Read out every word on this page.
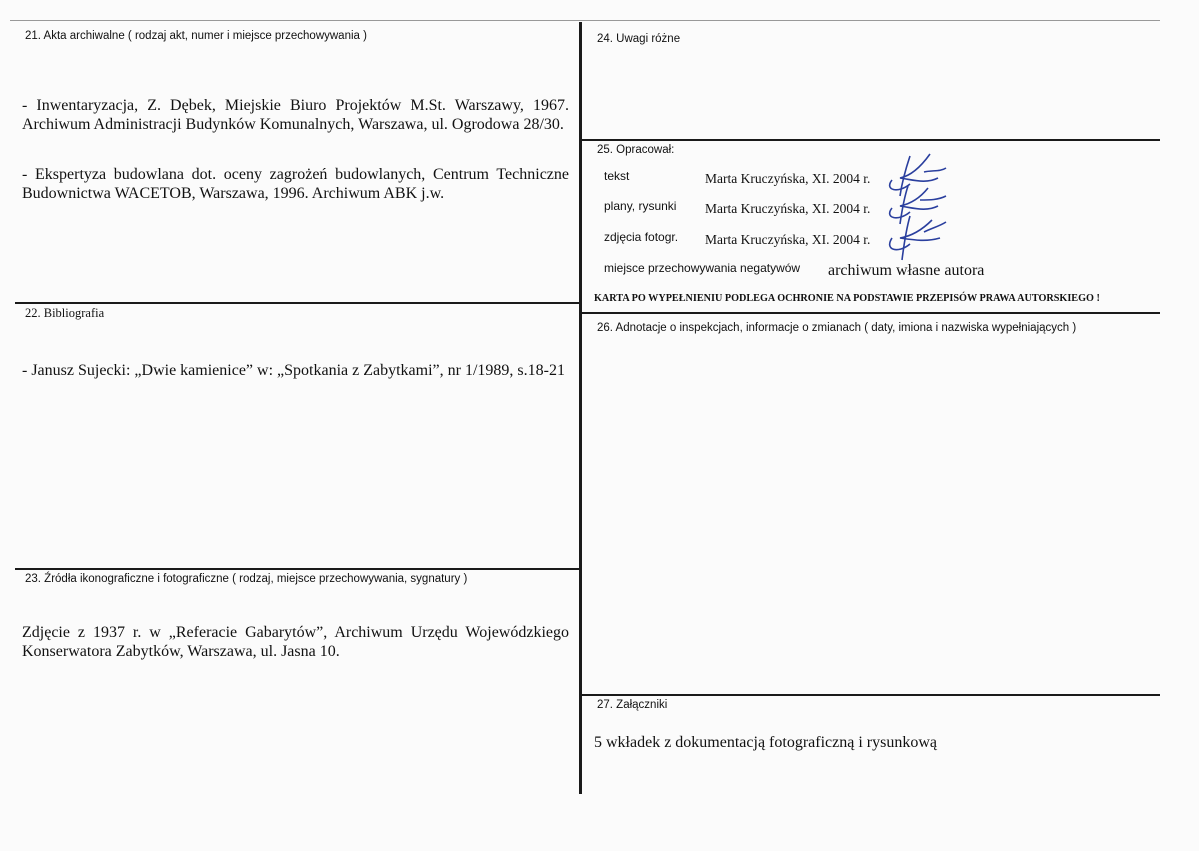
21. Akta archiwalne ( rodzaj akt, numer i miejsce przechowywania )
- Inwentaryzacja, Z. Dębek, Miejskie Biuro Projektów M.St. Warszawy, 1967. Archiwum Administracji Budynków Komunalnych, Warszawa, ul. Ogrodowa 28/30.
- Ekspertyza budowlana dot. oceny zagrożeń budowlanych, Centrum Techniczne Budownictwa WACETOB, Warszawa, 1996. Archiwum ABK j.w.
22. Bibliografia
- Janusz Sujecki: „Dwie kamienice” w: „Spotkania z Zabytkami”, nr 1/1989, s.18-21
23. Źródła ikonograficzne i fotograficzne ( rodzaj, miejsce przechowywania, sygnatury )
Zdjęcie z 1937 r. w „Referacie Gabarytów”, Archiwum Urzędu Wojewódzkiego Konserwatora Zabytków, Warszawa, ul. Jasna 10.
24. Uwagi różne
25. Opracował:
tekst	Marta Kruczyńska, XI. 2004 r.
plany, rysunki Marta Kruczyńska, XI. 2004 r.
zdjęcia fotogr. Marta Kruczyńska, XI. 2004 r.
miejsce przechowywania negatywów archiwum własne autora
KARTA PO WYPEŁNIENIU PODLEGA OCHRONIE NA PODSTAWIE PRZEPISÓW PRAWA AUTORSKIEGO !
26. Adnotacje o inspekcjach, informacje o zmianach ( daty, imiona i nazwiska wypełniających )
27. Załączniki
5 wkładek z dokumentacją fotograficzną i rysunkową
